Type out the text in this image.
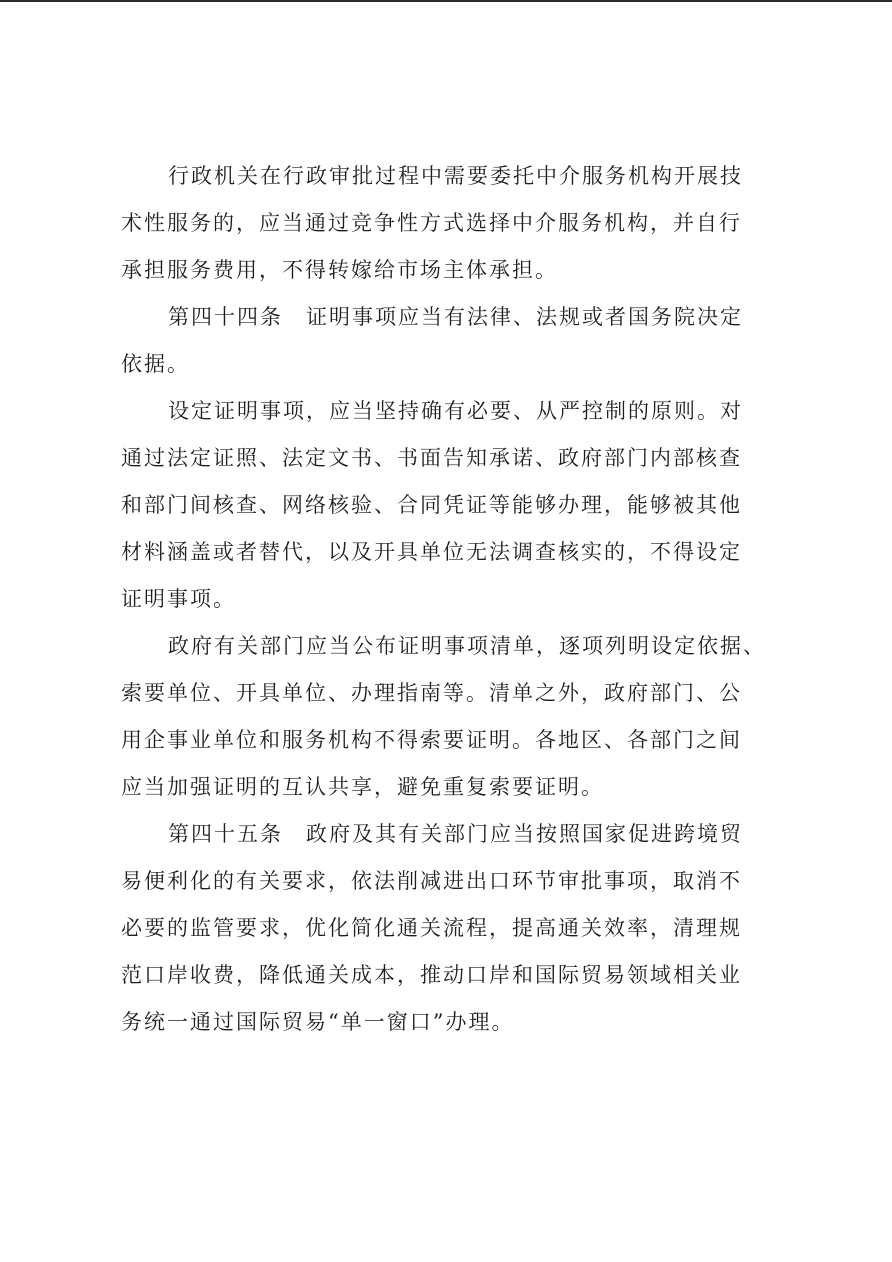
行政机关在行政审批过程中需要委托中介服务机构开展技
术性服务的，应当通过竞争性方式选择中介服务机构，并自行
承担服务费用，不得转嫁给市场主体承担。
第四十四条　证明事项应当有法律、法规或者国务院决定
依据。
设定证明事项，应当坚持确有必要、从严控制的原则。对
通过法定证照、法定文书、书面告知承诺、政府部门内部核查
和部门间核查、网络核验、合同凭证等能够办理，能够被其他
材料涵盖或者替代，以及开具单位无法调查核实的，不得设定
证明事项。
政府有关部门应当公布证明事项清单，逐项列明设定依据、
索要单位、开具单位、办理指南等。清单之外，政府部门、公
用企事业单位和服务机构不得索要证明。各地区、各部门之间
应当加强证明的互认共享，避免重复索要证明。
第四十五条　政府及其有关部门应当按照国家促进跨境贸
易便利化的有关要求，依法削减进出口环节审批事项，取消不
必要的监管要求，优化简化通关流程，提高通关效率，清理规
范口岸收费，降低通关成本，推动口岸和国际贸易领域相关业
务统一通过国际贸易“单一窗口”办理。
